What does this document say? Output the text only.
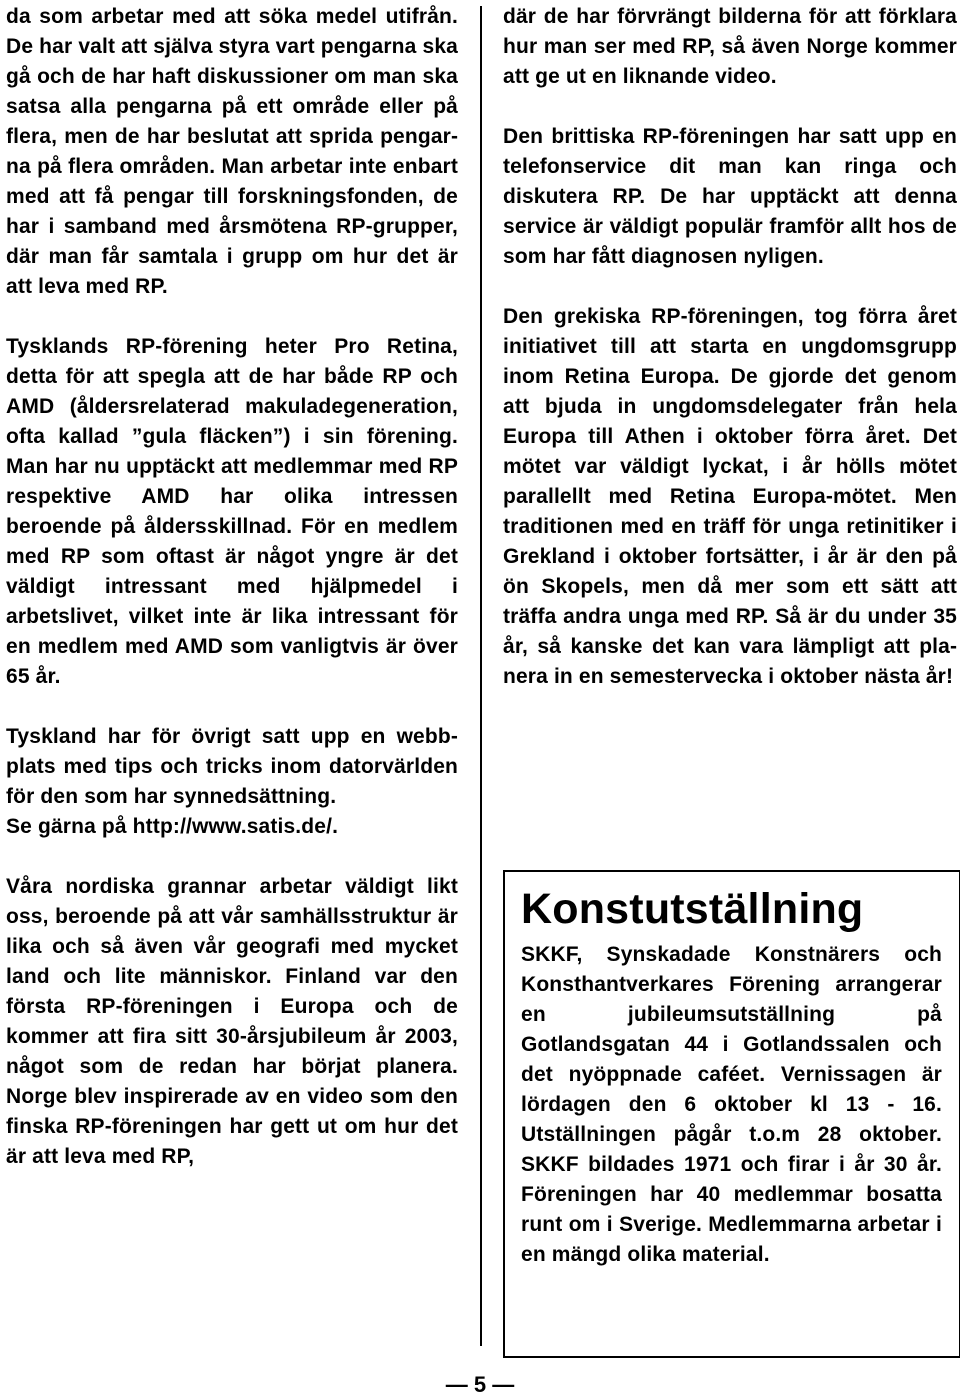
da som arbetar med att söka medel utifrån. De har valt att själva styra vart pengarna ska gå och de har haft diskussioner om man ska satsa alla pengarna på ett område eller på flera, men de har beslutat att sprida pengarna på flera områden. Man arbetar inte enbart med att få pengar till forskningsfonden, de har i samband med årsmötena RP-grupper, där man får samtala i grupp om hur det är att leva med RP.

Tysklands RP-förening heter Pro Retina, detta för att spegla att de har både RP och AMD (åldersrelaterad makuladegeneration, ofta kallad ”gula fläcken”) i sin förening. Man har nu upptäckt att medlemmar med RP respektive AMD har olika intressen beroende på åldersskillnad. För en medlem med RP som oftast är något yngre är det väldigt intressant med hjälpmedel i arbetslivet, vilket inte är lika intressant för en medlem med AMD som vanligtvis är över 65 år.

Tyskland har för övrigt satt upp en webb-plats med tips och tricks inom datorvärlden för den som har synnedsättning.

Se gärna på http://www.satis.de/.

Våra nordiska grannar arbetar väldigt likt oss, beroende på att vår samhällsstruktur är lika och så även vår geografi med mycket land och lite människor. Finland var den första RP-föreningen i Europa och de kommer att fira sitt 30-årsjubileum år 2003, något som de redan har börjat planera. Norge blev inspirerade av en video som den finska RP-föreningen har gett ut om hur det är att leva med RP,

där de har förvrängt bilderna för att förklara hur man ser med RP, så även Norge kommer att ge ut en liknande video.

Den brittiska RP-föreningen har satt upp en telefonservice dit man kan ringa och diskutera RP. De har upptäckt att denna service är väldigt populär framför allt hos de som har fått diagnosen nyligen.

Den grekiska RP-föreningen, tog förra året initiativet till att starta en ungdomsgrupp inom Retina Europa. De gjorde det genom att bjuda in ungdomsdelegater från hela Europa till Athen i oktober förra året. Det mötet var väldigt lyckat, i år hölls mötet parallellt med Retina Europa-mötet. Men traditionen med en träff för unga retinitiker i Grekland i oktober fortsätter, i år är den på ön Skopels, men då mer som ett sätt att träffa andra unga med RP. Så är du under 35 år, så kanske det kan vara lämpligt att planera in en semestervecka i oktober nästa år!

Konstutställning

SKKF, Synskadade Konstnärers och Konsthantverkares Förening arrangerar en jubileumsutställning på Gotlandsgatan 44 i Gotlandssalen och det nyöppnade caféet. Vernissagen är lördagen den 6 oktober kl 13 - 16. Utställningen pågår t.o.m 28 oktober. SKKF bildades 1971 och firar i år 30 år. Föreningen har 40 medlemmar bosatta runt om i Sverige. Medlemmarna arbetar i en mängd olika material.

— 5 —
